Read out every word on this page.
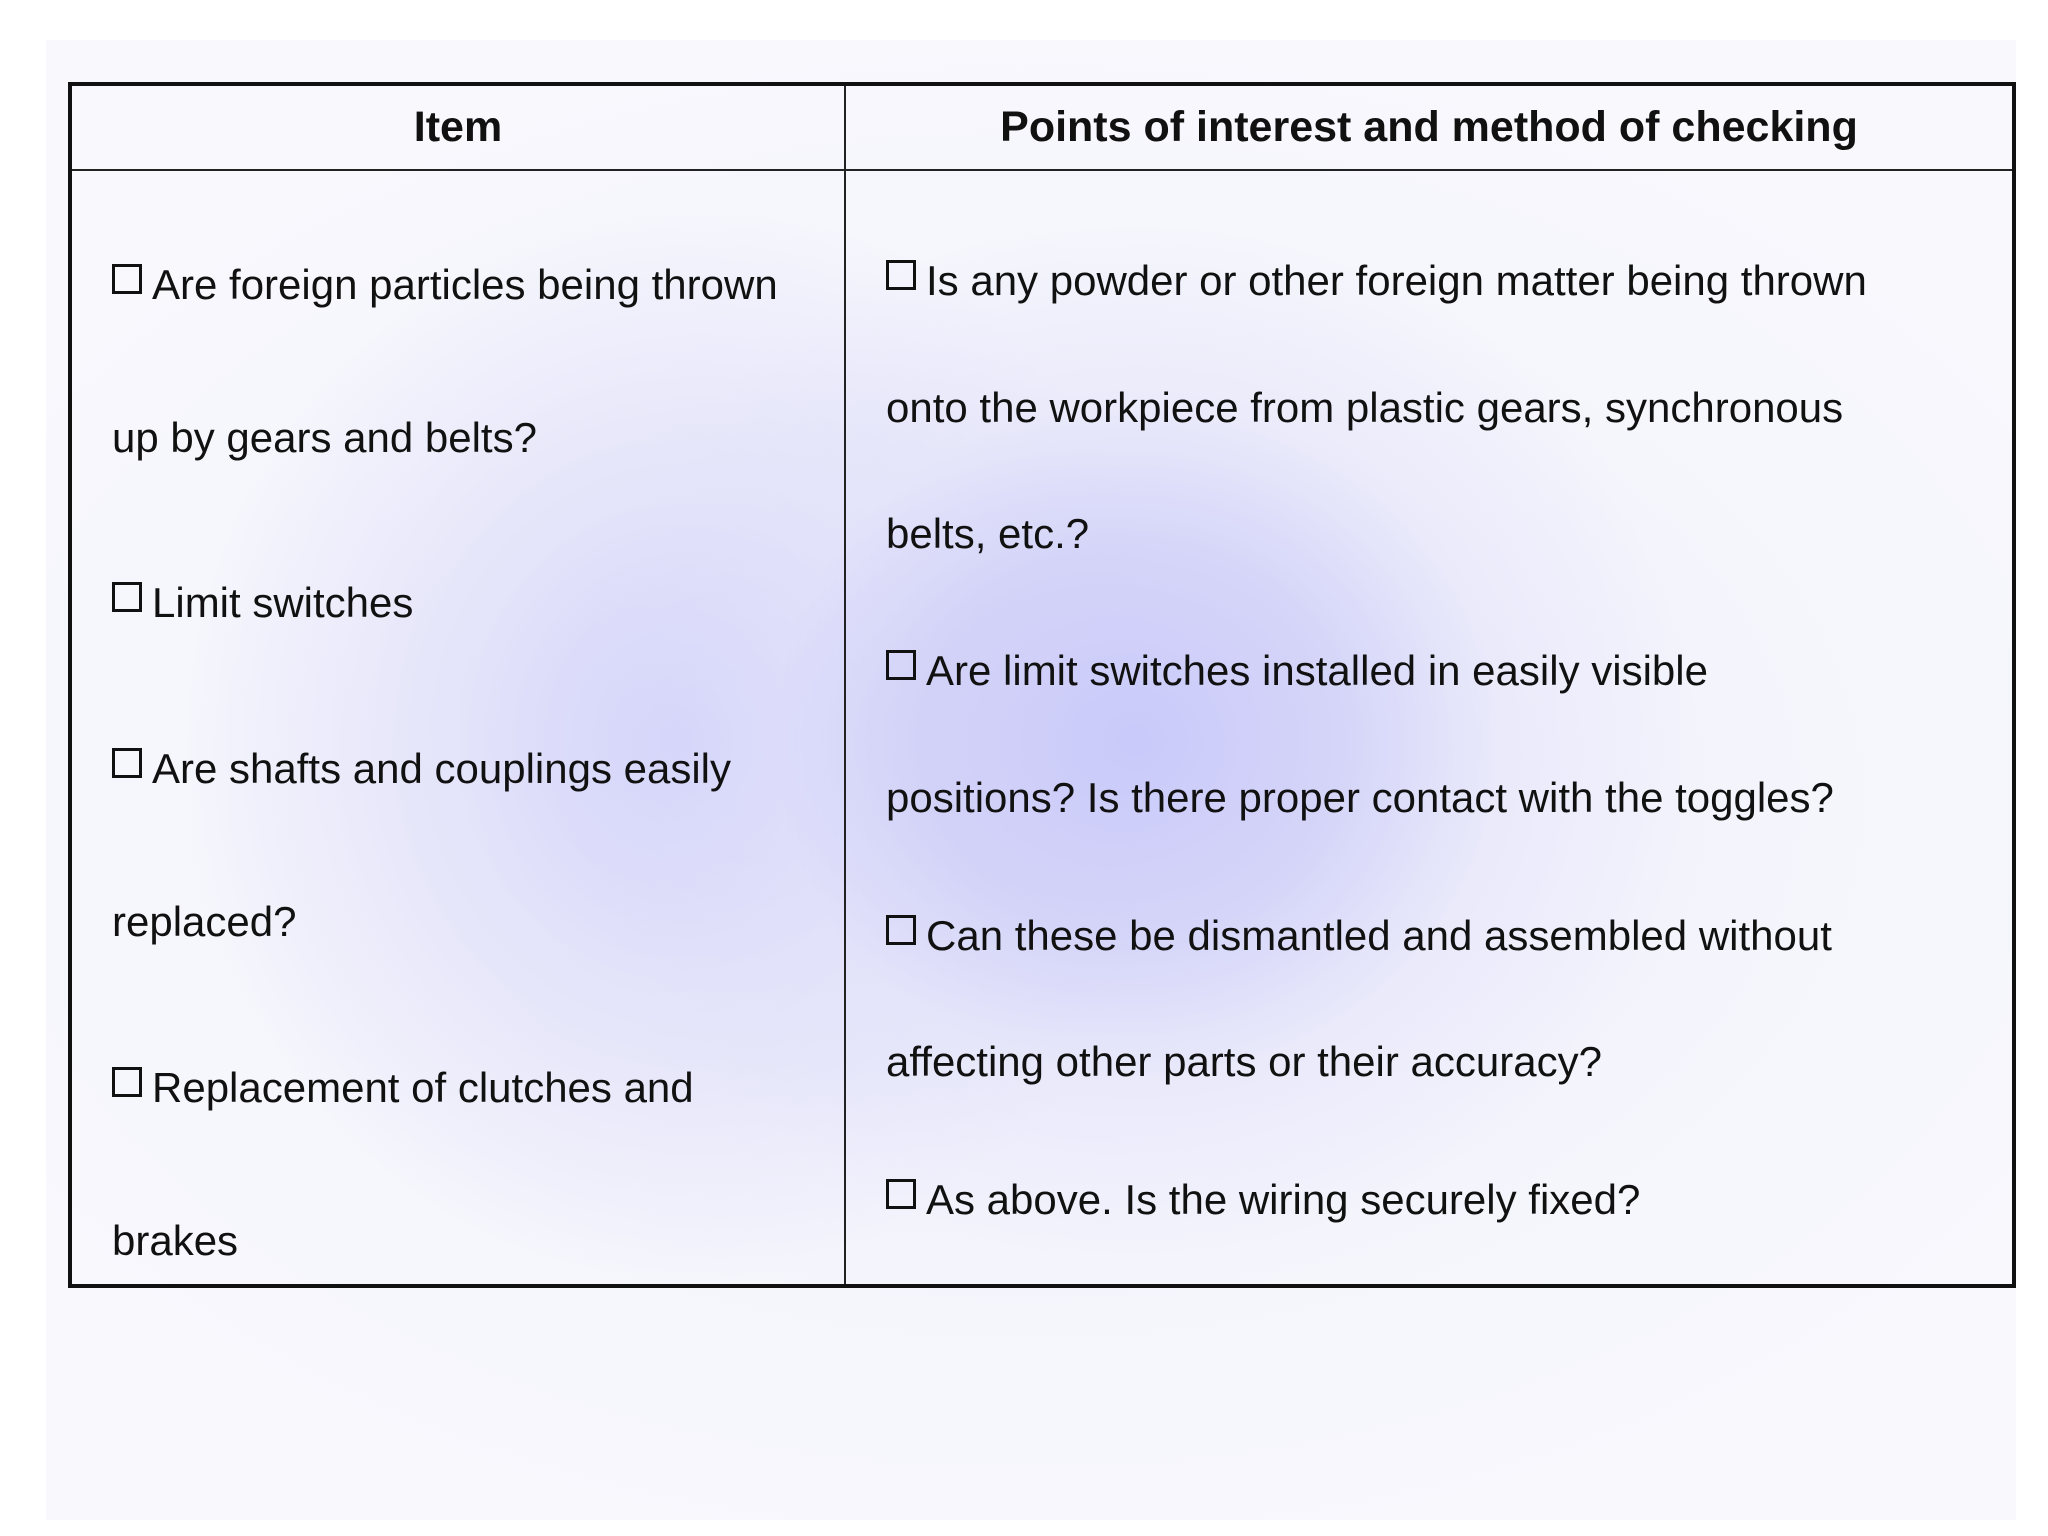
Item	Points of interest and method of checking
Are foreign particles being thrown
up by gears and belts?
Limit switches
Are shafts and couplings easily
replaced?
Replacement of clutches and
brakes
Is any powder or other foreign matter being thrown
onto the workpiece from plastic gears, synchronous
belts, etc.?
Are limit switches installed in easily visible
positions? Is there proper contact with the toggles?
Can these be dismantled and assembled without
affecting other parts or their accuracy?
As above. Is the wiring securely fixed?
